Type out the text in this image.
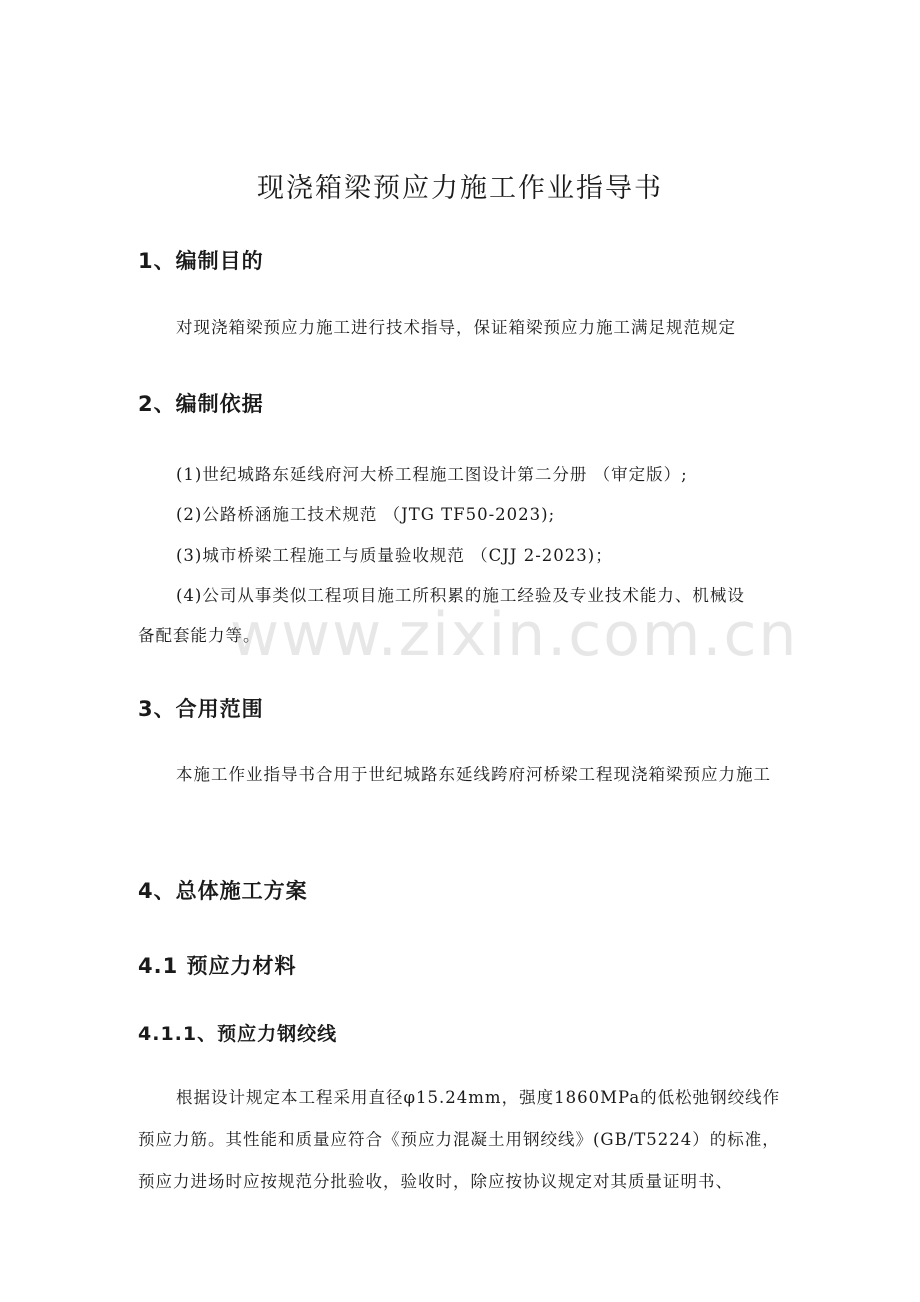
现浇箱梁预应力施工作业指导书
1、编制目的
对现浇箱梁预应力施工进行技术指导，保证箱梁预应力施工满足规范规定
2、编制依据
(1)世纪城路东延线府河大桥工程施工图设计第二分册 （审定版）;
(2)公路桥涵施工技术规范 （JTG TF50-2023);
(3)城市桥梁工程施工与质量验收规范 （CJJ 2-2023)；
(4)公司从事类似工程项目施工所积累的施工经验及专业技术能力、机械设
备配套能力等。
www.zixin.com.cn
3、合用范围
本施工作业指导书合用于世纪城路东延线跨府河桥梁工程现浇箱梁预应力施工
4、总体施工方案
4.1 预应力材料
4.1.1、预应力钢绞线
根据设计规定本工程采用直径φ15.24mm，强度1860MPa的低松弛钢绞线作预应力筋。其性能和质量应符合《预应力混凝土用钢绞线》(GB/T5224）的标准，预应力进场时应按规范分批验收，验收时，除应按协议规定对其质量证明书、
